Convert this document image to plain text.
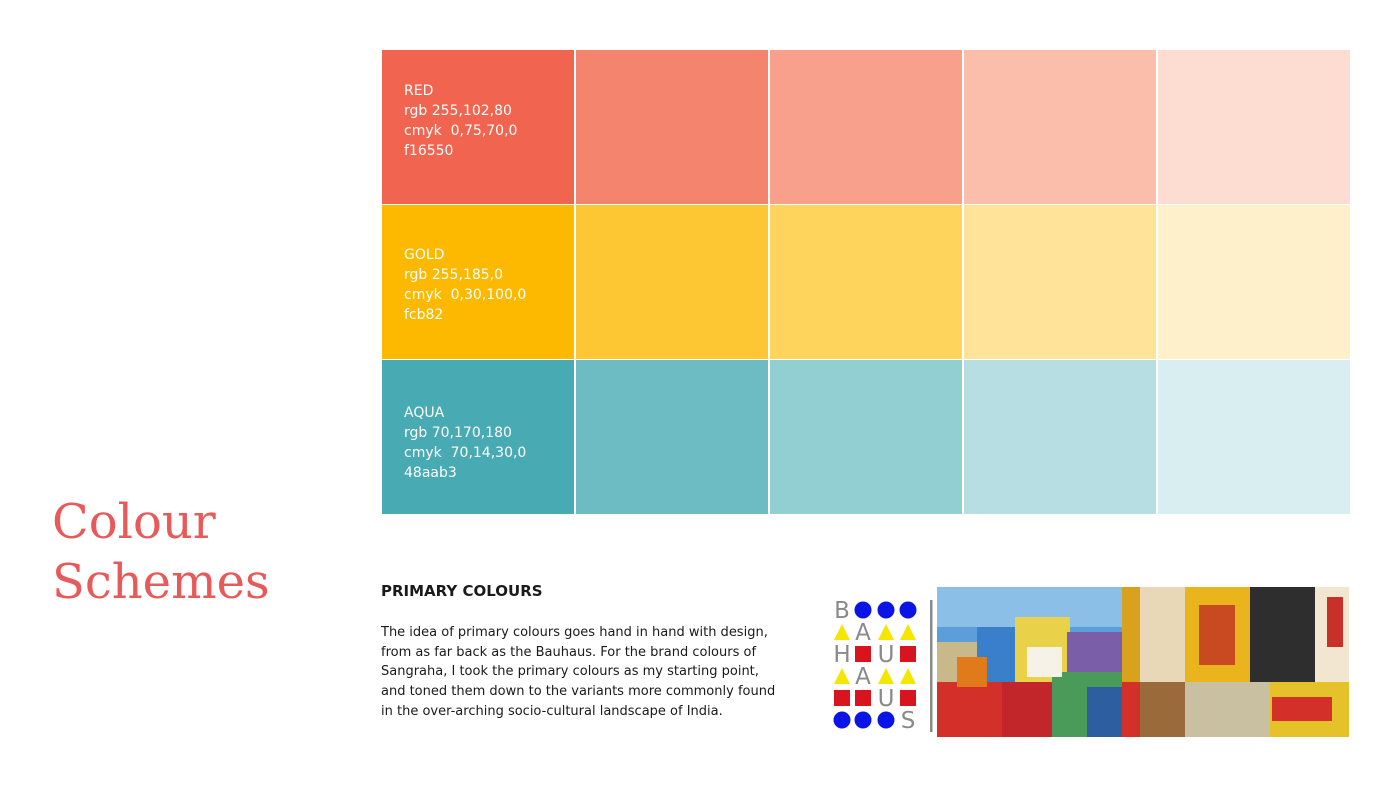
Colour
Schemes
RED
rgb 255,102,80
cmyk  0,75,70,0
f16550
GOLD
rgb 255,185,0
cmyk  0,30,100,0
fcb82
AQUA
rgb 70,170,180
cmyk  70,14,30,0
48aab3
PRIMARY COLOURS

The idea of primary colours goes hand in hand with design, from as far back as the Bauhaus. For the brand colours of Sangraha, I took the primary colours as my starting point, and toned them down to the variants more commonly found in the over-arching socio-cultural landscape of India.

B
A
H U
A
U
S
